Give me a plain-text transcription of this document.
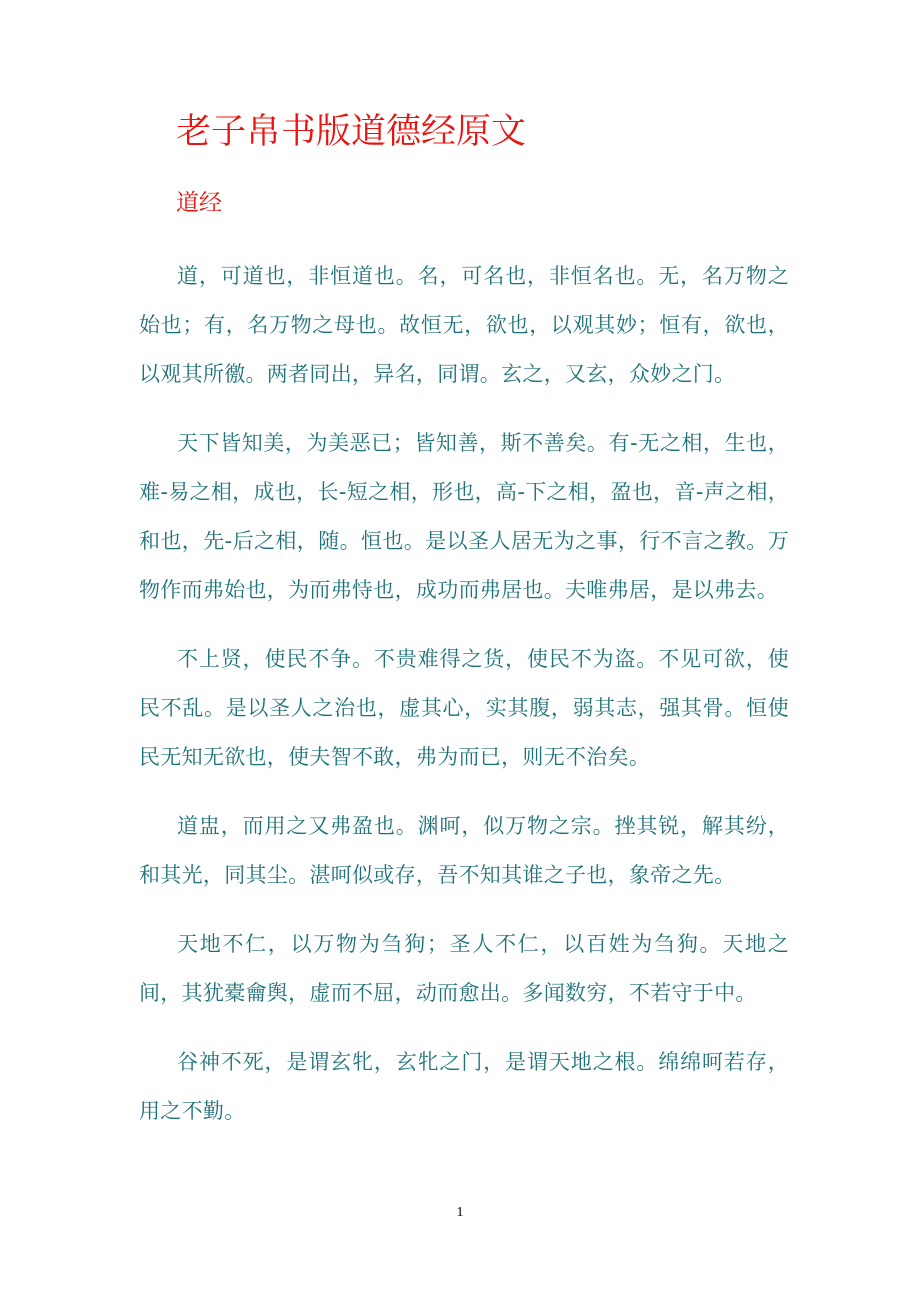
老子帛书版道德经原文
道经

道，可道也，非恒道也。名，可名也，非恒名也。无，名万物之始也；有，名万物之母也。故恒无，欲也，以观其妙；恒有，欲也，以观其所徼。两者同出，异名，同谓。玄之，又玄，众妙之门。

天下皆知美，为美恶已；皆知善，斯不善矣。有-无之相，生也，难-易之相，成也，长-短之相，形也，高-下之相，盈也，音-声之相，和也，先-后之相，随。恒也。是以圣人居无为之事，行不言之教。万物作而弗始也，为而弗恃也，成功而弗居也。夫唯弗居，是以弗去。

不上贤，使民不争。不贵难得之货，使民不为盗。不见可欲，使民不乱。是以圣人之治也，虚其心，实其腹，弱其志，强其骨。恒使民无知无欲也，使夫智不敢，弗为而已，则无不治矣。

道盅，而用之又弗盈也。渊呵，似万物之宗。挫其锐，解其纷，和其光，同其尘。湛呵似或存，吾不知其谁之子也，象帝之先。

天地不仁，以万物为刍狗；圣人不仁，以百姓为刍狗。天地之间，其犹橐龠舆，虚而不屈，动而愈出。多闻数穷，不若守于中。

谷神不死，是谓玄牝，玄牝之门，是谓天地之根。绵绵呵若存，用之不勤。

1
